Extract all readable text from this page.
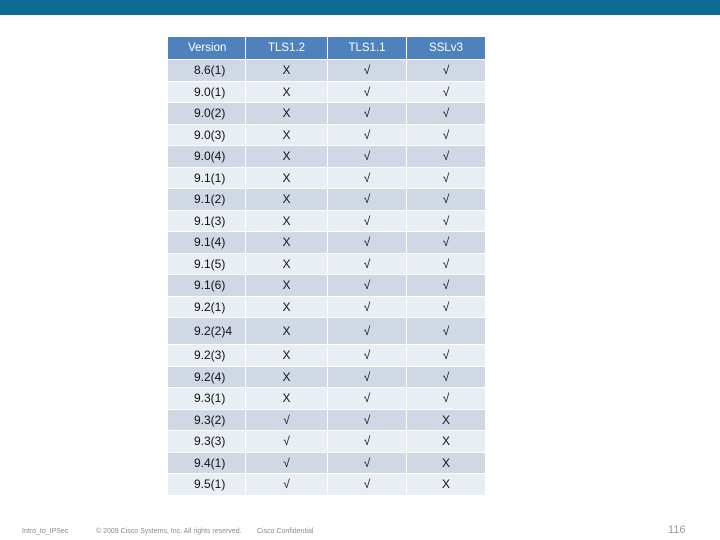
Version	TLS1.2	TLS1.1	SSLv3
8.6(1)	X	√	√
9.0(1)	X	√	√
9.0(2)	X	√	√
9.0(3)	X	√	√
9.0(4)	X	√	√
9.1(1)	X	√	√
9.1(2)	X	√	√
9.1(3)	X	√	√
9.1(4)	X	√	√
9.1(5)	X	√	√
9.1(6)	X	√	√
9.2(1)	X	√	√
9.2(2)4	X	√	√
9.2(3)	X	√	√
9.2(4)	X	√	√
9.3(1)	X	√	√
9.3(2)	√	√	X
9.3(3)	√	√	X
9.4(1)	√	√	X
9.5(1)	√	√	X
Intro_to_IPSec	© 2009 Cisco Systems, Inc. All rights reserved. Cisco Confidential	116
